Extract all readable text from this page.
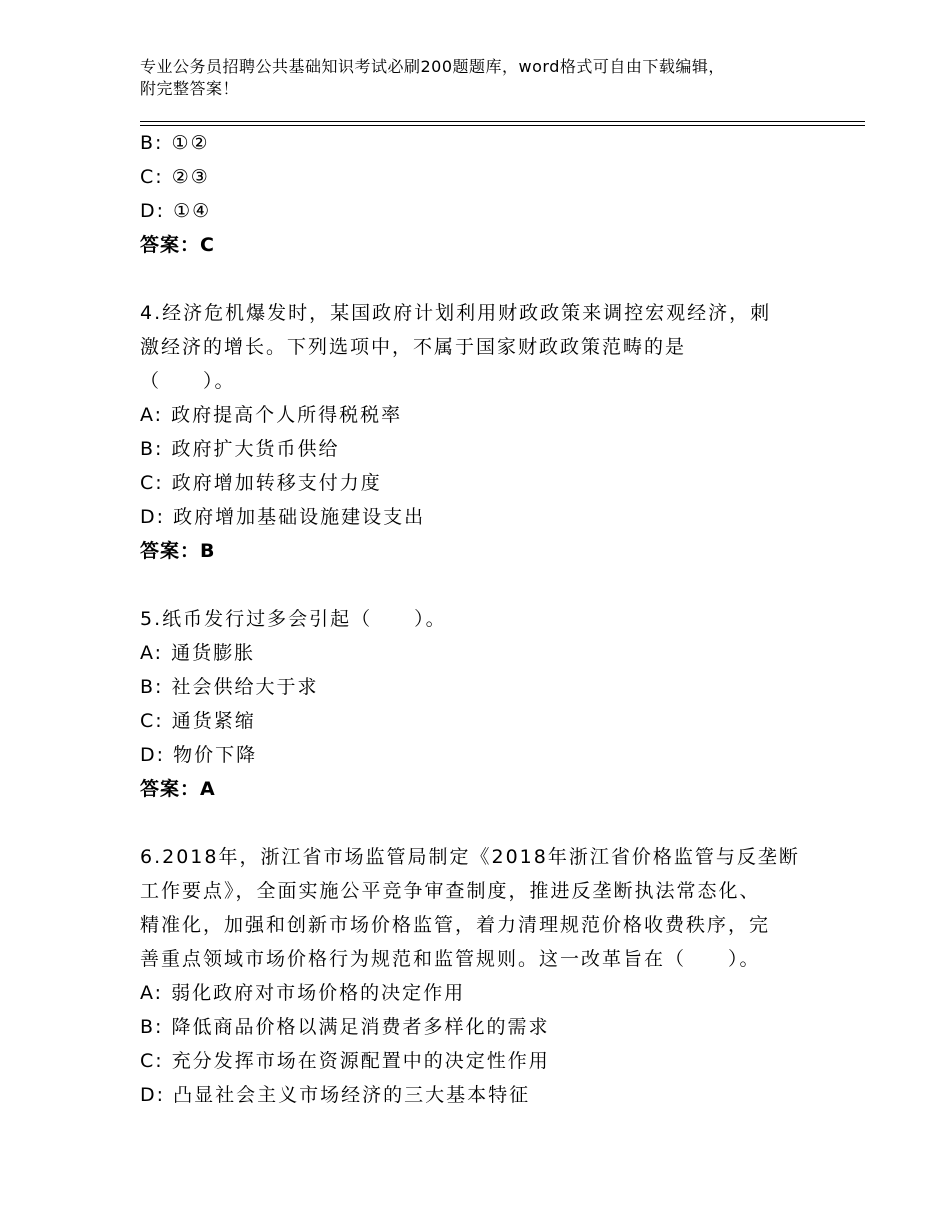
专业公务员招聘公共基础知识考试必刷200题题库，word格式可自由下载编辑，
附完整答案！
B: ①②
C: ②③
D: ①④
答案：C
4.经济危机爆发时，某国政府计划利用财政政策来调控宏观经济，刺
激经济的增长。下列选项中，不属于国家财政政策范畴的是
（　　）。
A: 政府提高个人所得税税率
B: 政府扩大货币供给
C: 政府增加转移支付力度
D: 政府增加基础设施建设支出
答案：B
5.纸币发行过多会引起（　　）。
A: 通货膨胀
B: 社会供给大于求
C: 通货紧缩
D: 物价下降
答案：A
6.2018年，浙江省市场监管局制定《2018年浙江省价格监管与反垄断
工作要点》，全面实施公平竞争审查制度，推进反垄断执法常态化、
精准化，加强和创新市场价格监管，着力清理规范价格收费秩序，完
善重点领域市场价格行为规范和监管规则。这一改革旨在（　　）。
A: 弱化政府对市场价格的决定作用
B: 降低商品价格以满足消费者多样化的需求
C: 充分发挥市场在资源配置中的决定性作用
D: 凸显社会主义市场经济的三大基本特征
